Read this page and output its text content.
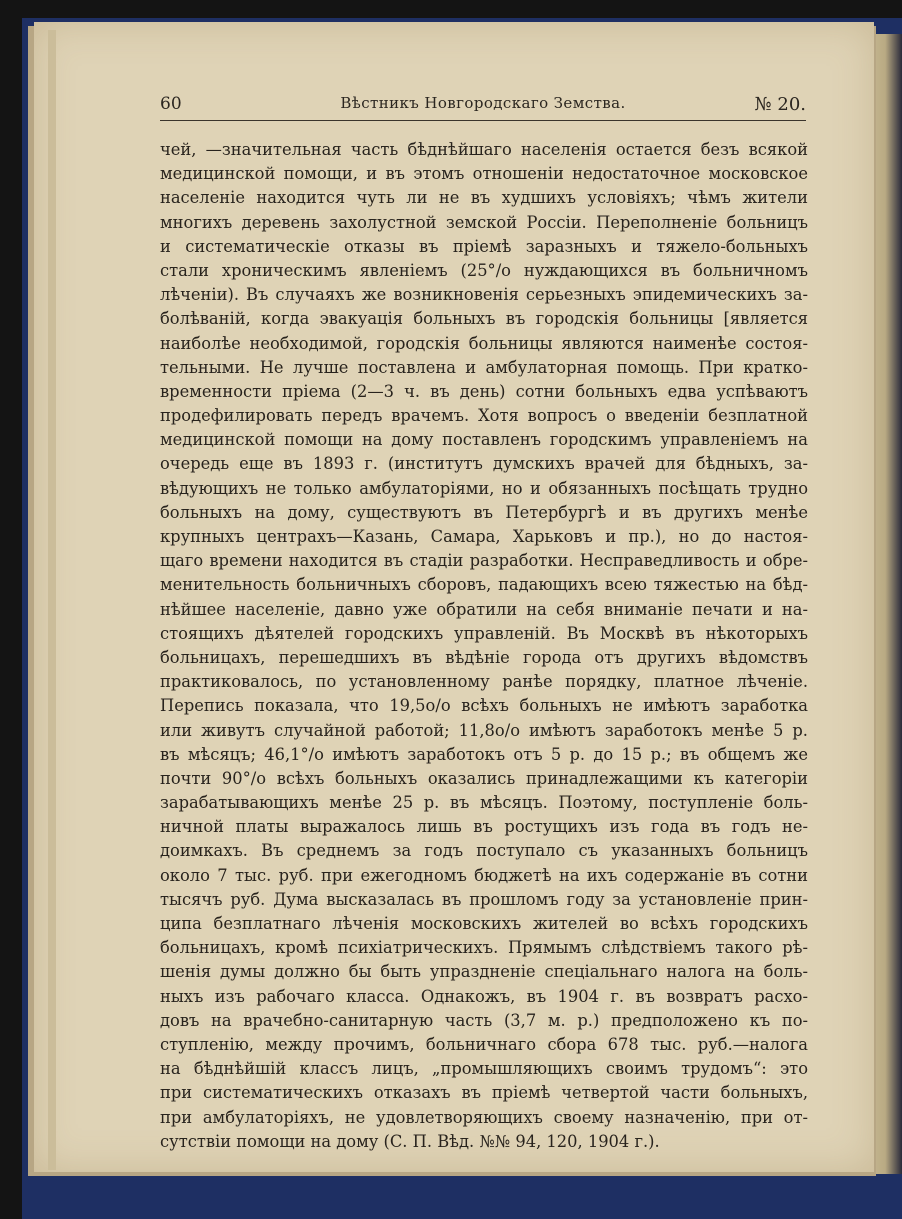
60	Вѣстникъ Новгородскаго Земства.	№ 20.
чей, —значительная часть бѣднѣйшаго населенія остается безъ всякой
медицинской помощи, и въ этомъ отношеніи недостаточное московское
населеніе находится чуть ли не въ худшихъ условіяхъ; чѣмъ жители
многихъ деревень захолустной земской Россіи. Переполненіе больницъ
и систематическіе отказы въ пріемѣ заразныхъ и тяжело-больныхъ
стали хроническимъ явленіемъ (25°/о нуждающихся въ больничномъ
лѣченіи). Въ случаяхъ же возникновенія серьезныхъ эпидемическихъ за-
болѣваній, когда эвакуація больныхъ въ городскія больницы [является
наиболѣе необходимой, городскія больницы являются наименѣе состоя-
тельными. Не лучше поставлена и амбулаторная помощь. При кратко-
временности пріема (2—3 ч. въ день) сотни больныхъ едва успѣваютъ
продефилировать передъ врачемъ. Хотя вопросъ о введеніи безплатной
медицинской помощи на дому поставленъ городскимъ управленіемъ на
очередь еще въ 1893 г. (институтъ думскихъ врачей для бѣдныхъ, за-
вѣдующихъ не только амбулаторіями, но и обязанныхъ посѣщать трудно
больныхъ на дому, существуютъ въ Петербургѣ и въ другихъ менѣе
крупныхъ центрахъ—Казань, Самара, Харьковъ и пр.), но до настоя-
щаго времени находится въ стадіи разработки. Несправедливость и обре-
менительность больничныхъ сборовъ, падающихъ всею тяжестью на бѣд-
нѣйшее населеніе, давно уже обратили на себя вниманіе печати и на-
стоящихъ дѣятелей городскихъ управленій. Въ Москвѣ въ нѣкоторыхъ
больницахъ, перешедшихъ въ вѣдѣніе города отъ другихъ вѣдомствъ
практиковалось, по установленному ранѣе порядку, платное лѣченіе.
Перепись показала, что 19,5о/о всѣхъ больныхъ не имѣютъ заработка
или живутъ случайной работой; 11,8о/о имѣютъ заработокъ менѣе 5 р.
въ мѣсяцъ; 46,1°/о имѣютъ заработокъ отъ 5 р. до 15 р.; въ общемъ же
почти 90°/о всѣхъ больныхъ оказались принадлежащими къ категоріи
зарабатывающихъ менѣе 25 р. въ мѣсяцъ. Поэтому, поступленіе боль-
ничной платы выражалось лишь въ ростущихъ изъ года въ годъ не-
доимкахъ. Въ среднемъ за годъ поступало съ указанныхъ больницъ
около 7 тыс. руб. при ежегодномъ бюджетѣ на ихъ содержаніе въ сотни
тысячъ руб. Дума высказалась въ прошломъ году за установленіе прин-
ципа безплатнаго лѣченія московскихъ жителей во всѣхъ городскихъ
больницахъ, кромѣ психіатрическихъ. Прямымъ слѣдствіемъ такого рѣ-
шенія думы должно бы быть упраздненіе спеціальнаго налога на боль-
ныхъ изъ рабочаго класса. Однакожъ, въ 1904 г. въ возвратъ расхо-
довъ на врачебно-санитарную часть (3,7 м. р.) предположено къ по-
ступленію, между прочимъ, больничнаго сбора 678 тыс. руб.—налога
на бѣднѣйшій классъ лицъ, „промышляющихъ своимъ трудомъ“: это
при систематическихъ отказахъ въ пріемѣ четвертой части больныхъ,
при амбулаторіяхъ, не удовлетворяющихъ своему назначенію, при от-
сутствіи помощи на дому (С. П. Вѣд. №№ 94, 120, 1904 г.).
